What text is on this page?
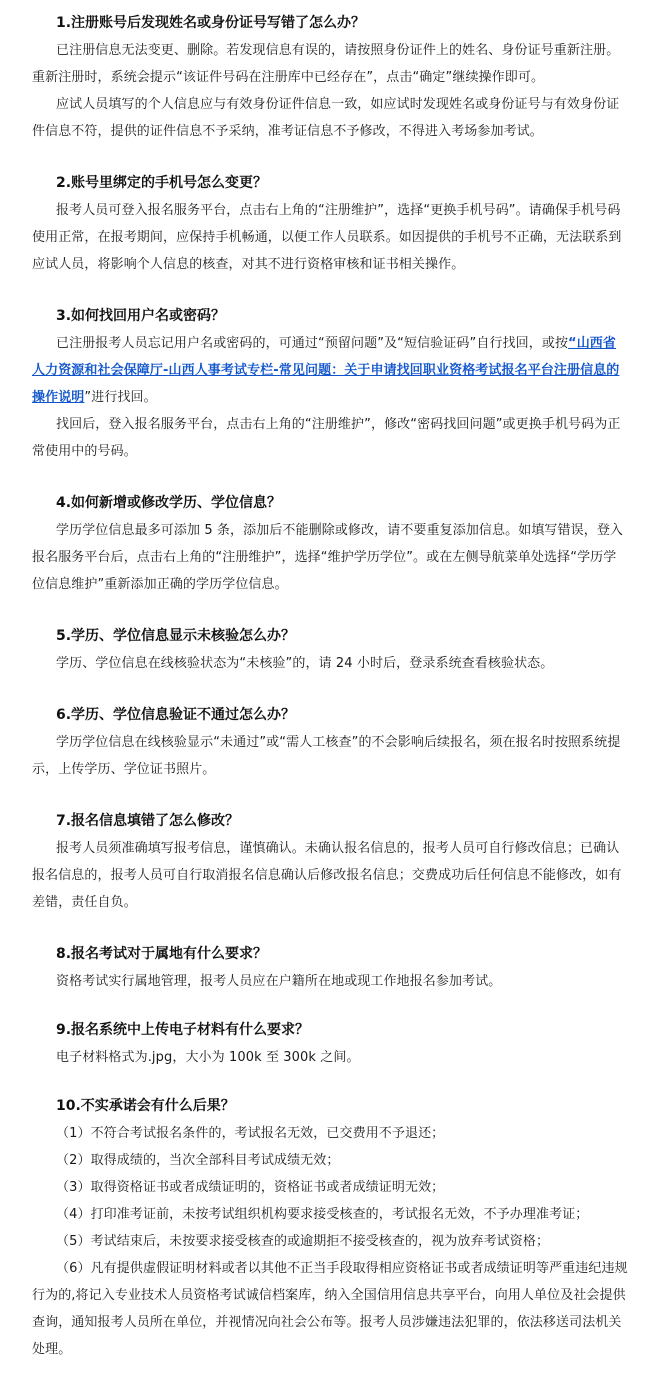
1.注册账号后发现姓名或身份证号写错了怎么办？

已注册信息无法变更、删除。若发现信息有误的，请按照身份证件上的姓名、身份证号重新注册。重新注册时，系统会提示“该证件号码在注册库中已经存在”，点击“确定”继续操作即可。

应试人员填写的个人信息应与有效身份证件信息一致，如应试时发现姓名或身份证号与有效身份证件信息不符，提供的证件信息不予采纳，准考证信息不予修改，不得进入考场参加考试。

2.账号里绑定的手机号怎么变更？

报考人员可登入报名服务平台，点击右上角的“注册维护”，选择“更换手机号码”。请确保手机号码使用正常，在报考期间，应保持手机畅通，以便工作人员联系。如因提供的手机号不正确，无法联系到应试人员，将影响个人信息的核查，对其不进行资格审核和证书相关操作。

3.如何找回用户名或密码？

已注册报考人员忘记用户名或密码的，可通过“预留问题”及“短信验证码”自行找回，或按“山西省人力资源和社会保障厅-山西人事考试专栏-常见问题：关于申请找回职业资格考试报名平台注册信息的操作说明”进行找回。

找回后，登入报名服务平台，点击右上角的“注册维护”，修改“密码找回问题”或更换手机号码为正常使用中的号码。

4.如何新增或修改学历、学位信息？

学历学位信息最多可添加 5 条，添加后不能删除或修改，请不要重复添加信息。如填写错误，登入报名服务平台后，点击右上角的“注册维护”，选择“维护学历学位”。或在左侧导航菜单处选择“学历学位信息维护”重新添加正确的学历学位信息。

5.学历、学位信息显示未核验怎么办？

学历、学位信息在线核验状态为“未核验”的，请 24 小时后，登录系统查看核验状态。

6.学历、学位信息验证不通过怎么办？

学历学位信息在线核验显示“未通过”或“需人工核查”的不会影响后续报名，须在报名时按照系统提示，上传学历、学位证书照片。

7.报名信息填错了怎么修改？

报考人员须准确填写报考信息，谨慎确认。未确认报名信息的，报考人员可自行修改信息；已确认报名信息的，报考人员可自行取消报名信息确认后修改报名信息；交费成功后任何信息不能修改，如有差错，责任自负。

8.报名考试对于属地有什么要求？

资格考试实行属地管理，报考人员应在户籍所在地或现工作地报名参加考试。

9.报名系统中上传电子材料有什么要求？

电子材料格式为.jpg，大小为 100k 至 300k 之间。

10.不实承诺会有什么后果？

（1）不符合考试报名条件的，考试报名无效，已交费用不予退还；

（2）取得成绩的，当次全部科目考试成绩无效；

（3）取得资格证书或者成绩证明的，资格证书或者成绩证明无效；

（4）打印准考证前，未按考试组织机构要求接受核查的，考试报名无效，不予办理准考证；

（5）考试结束后，未按要求接受核查的或逾期拒不接受核查的，视为放弃考试资格；

（6）凡有提供虚假证明材料或者以其他不正当手段取得相应资格证书或者成绩证明等严重违纪违规行为的,将记入专业技术人员资格考试诚信档案库，纳入全国信用信息共享平台，向用人单位及社会提供查询，通知报考人员所在单位，并视情况向社会公布等。报考人员涉嫌违法犯罪的，依法移送司法机关处理。
